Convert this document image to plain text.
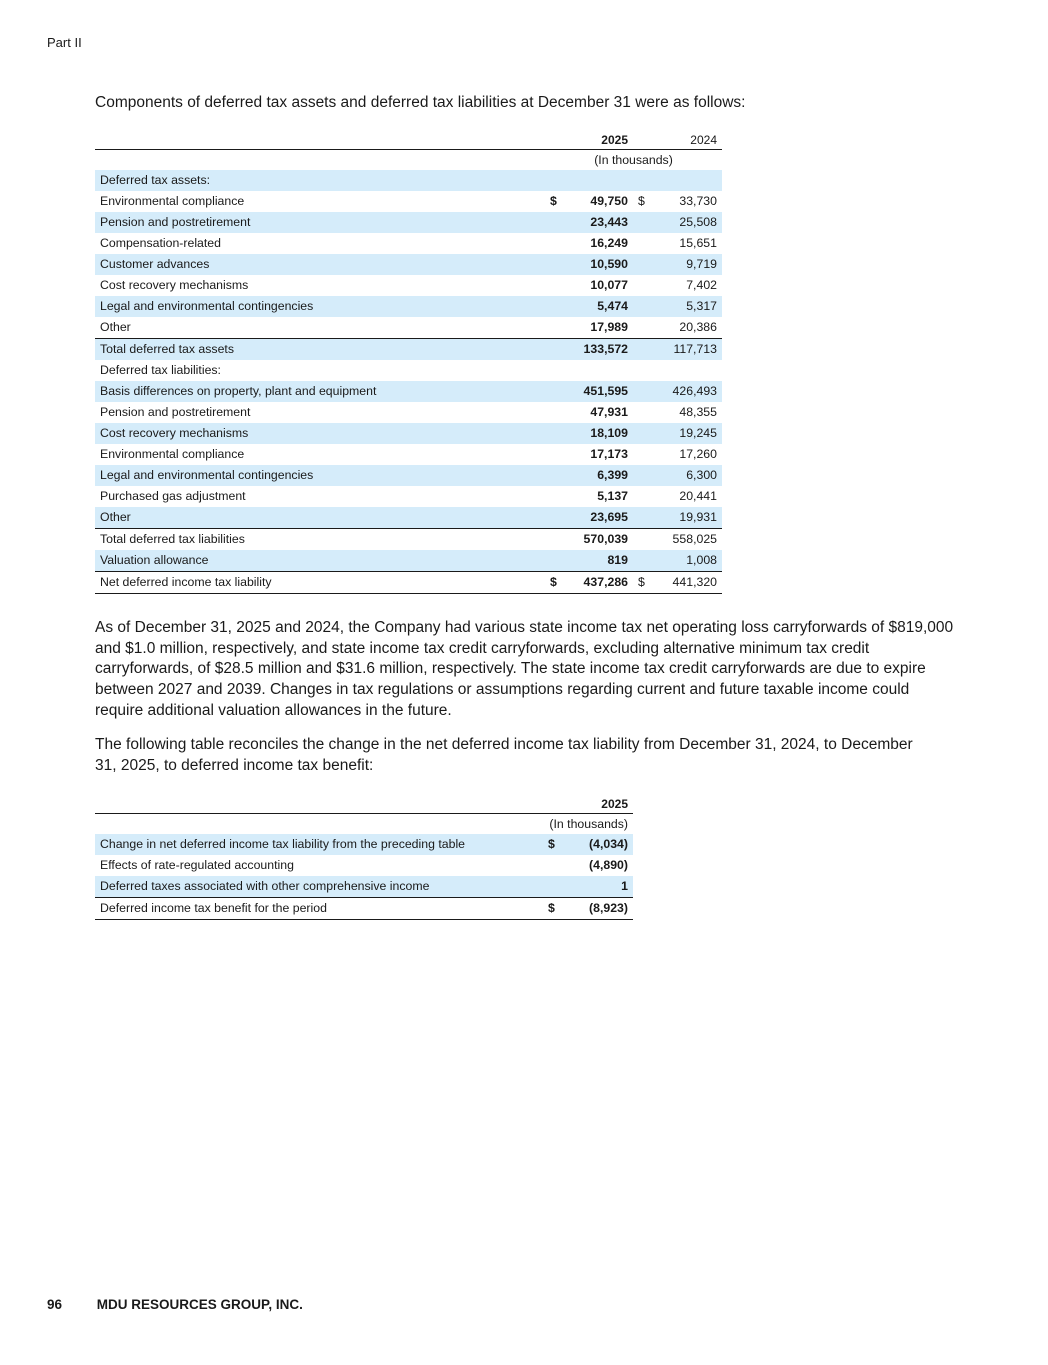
Part II

Components of deferred tax assets and deferred tax liabilities at December 31 were as follows:

		2025		2024
	(In thousands)			
Deferred tax assets:				
Environmental compliance	$	49,750	$	33,730
Pension and postretirement		23,443		25,508
Compensation-related		16,249		15,651
Customer advances		10,590		9,719
Cost recovery mechanisms		10,077		7,402
Legal and environmental contingencies		5,474		5,317
Other		17,989		20,386
Total deferred tax assets		133,572		117,713
Deferred tax liabilities:				
Basis differences on property, plant and equipment		451,595		426,493
Pension and postretirement		47,931		48,355
Cost recovery mechanisms		18,109		19,245
Environmental compliance		17,173		17,260
Legal and environmental contingencies		6,399		6,300
Purchased gas adjustment		5,137		20,441
Other		23,695		19,931
Total deferred tax liabilities		570,039		558,025
Valuation allowance		819		1,008
Net deferred income tax liability	$	437,286	$	441,320

As of December 31, 2025 and 2024, the Company had various state income tax net operating loss carryforwards of $819,000 and $1.0 million, respectively, and state income tax credit carryforwards, excluding alternative minimum tax credit carryforwards, of $28.5 million and $31.6 million, respectively. The state income tax credit carryforwards are due to expire between 2027 and 2039. Changes in tax regulations or assumptions regarding current and future taxable income could require additional valuation allowances in the future.

The following table reconciles the change in the net deferred income tax liability from December 31, 2024, to December 31, 2025, to deferred income tax benefit:

		2025
	(In thousands)	
Change in net deferred income tax liability from the preceding table	$	(4,034)
Effects of rate-regulated accounting		(4,890)
Deferred taxes associated with other comprehensive income		1
Deferred income tax benefit for the period	$	(8,923)
96	MDU RESOURCES GROUP, INC.
